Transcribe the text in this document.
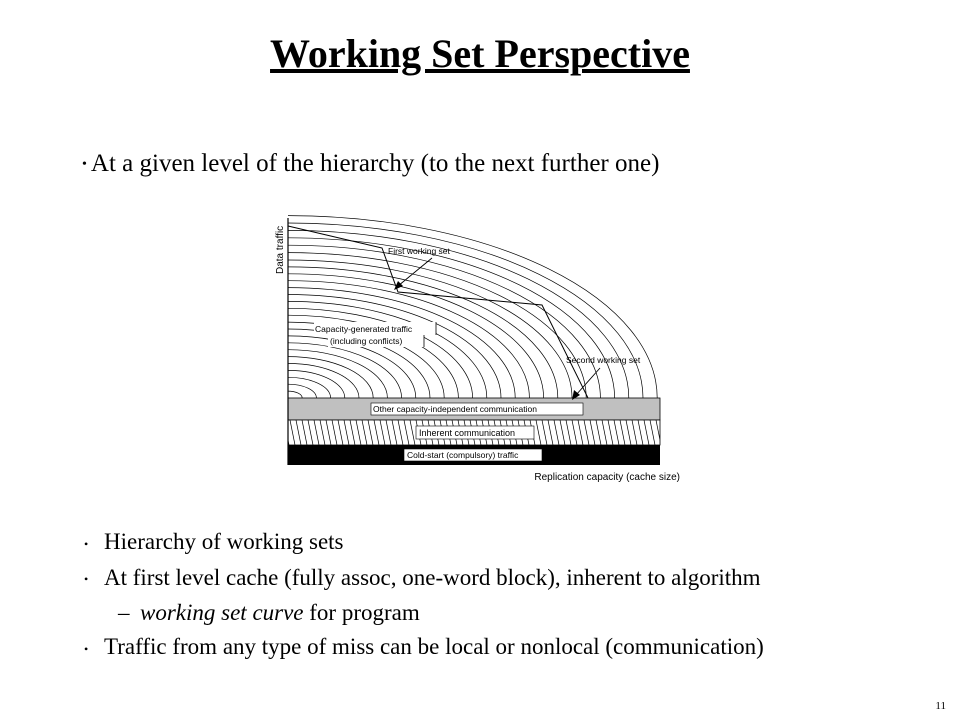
Working Set Perspective
• At a given level of the hierarchy (to the next further one)
Data traffic
Replication capacity (cache size)
First working set
Second working set
Capacity-generated traffic
(including conflicts)
Other capacity-independent communication
Inherent communication
Cold-start (compulsory) traffic
• Hierarchy of working sets
• At first level cache (fully assoc, one-word block), inherent to algorithm
– working set curve for program
• Traffic from any type of miss can be local or nonlocal (communication)
11
